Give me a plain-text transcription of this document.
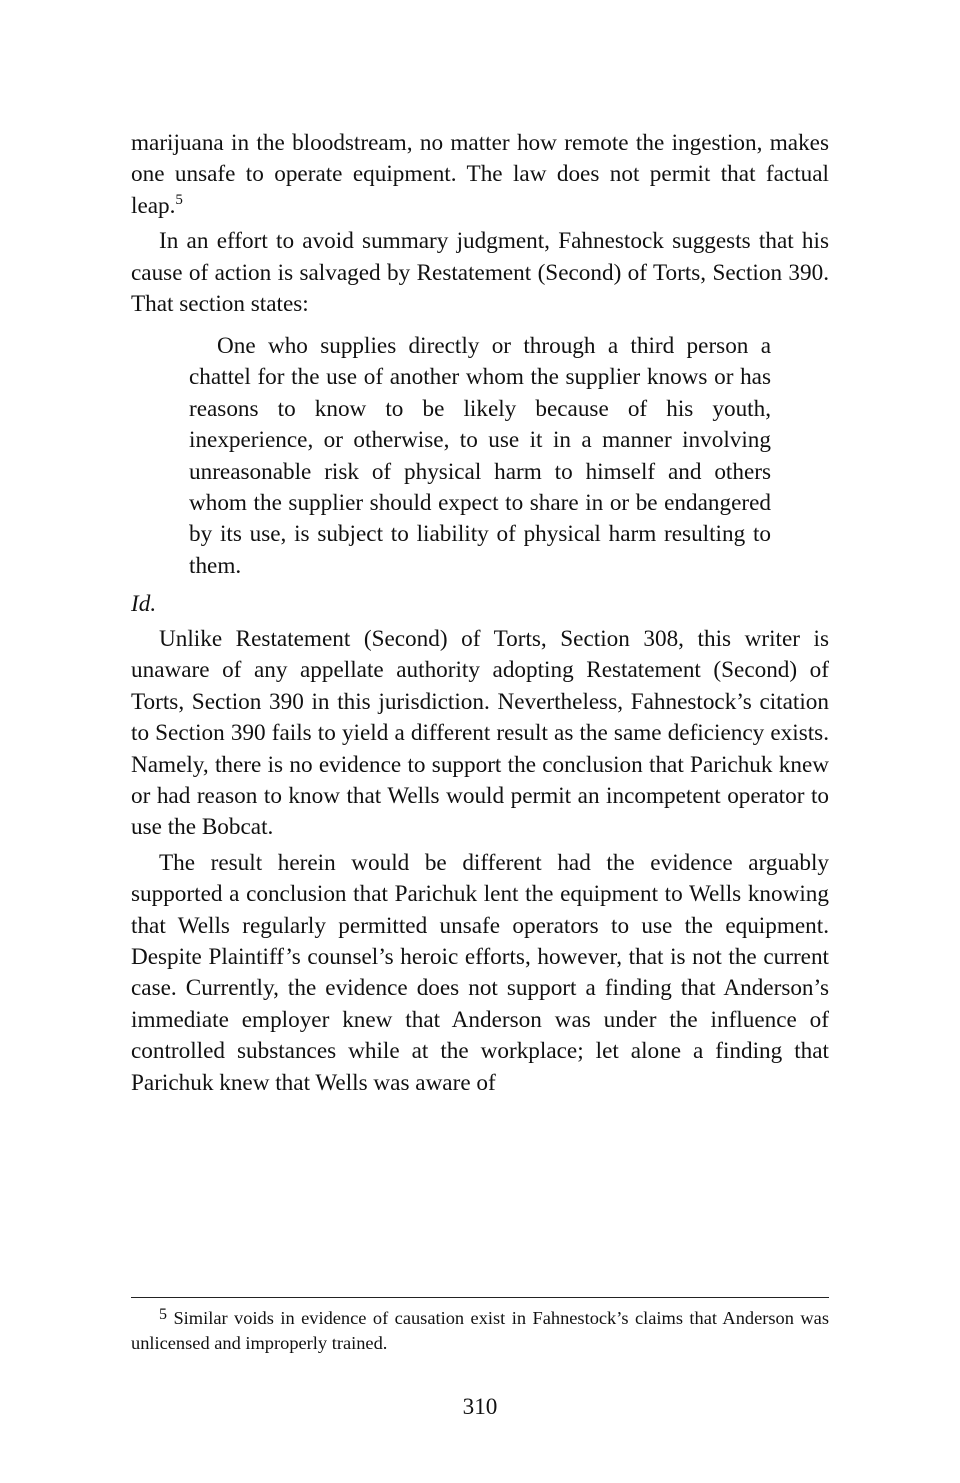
marijuana in the bloodstream, no matter how remote the ingestion, makes one unsafe to operate equipment. The law does not permit that factual leap.$^5$

In an effort to avoid summary judgment, Fahnestock suggests that his cause of action is salvaged by Restatement (Second) of Torts, Section 390. That section states:

One who supplies directly or through a third person a chattel for the use of another whom the supplier knows or has reasons to know to be likely because of his youth, inexperience, or otherwise, to use it in a manner involving unreasonable risk of physical harm to himself and others whom the supplier should expect to share in or be endangered by its use, is subject to liability of physical harm resulting to them.

Id.

Unlike Restatement (Second) of Torts, Section 308, this writer is unaware of any appellate authority adopting Restatement (Second) of Torts, Section 390 in this jurisdiction. Nevertheless, Fahnestock’s citation to Section 390 fails to yield a different result as the same deficiency exists. Namely, there is no evidence to support the conclusion that Parichuk knew or had reason to know that Wells would permit an incompetent operator to use the Bobcat.

The result herein would be different had the evidence arguably supported a conclusion that Parichuk lent the equipment to Wells knowing that Wells regularly permitted unsafe operators to use the equipment. Despite Plaintiff’s counsel’s heroic efforts, however, that is not the current case. Currently, the evidence does not support a finding that Anderson’s immediate employer knew that Anderson was under the influence of controlled substances while at the workplace; let alone a finding that Parichuk knew that Wells was aware of

5 Similar voids in evidence of causation exist in Fahnestock’s claims that Anderson was unlicensed and improperly trained.

310
